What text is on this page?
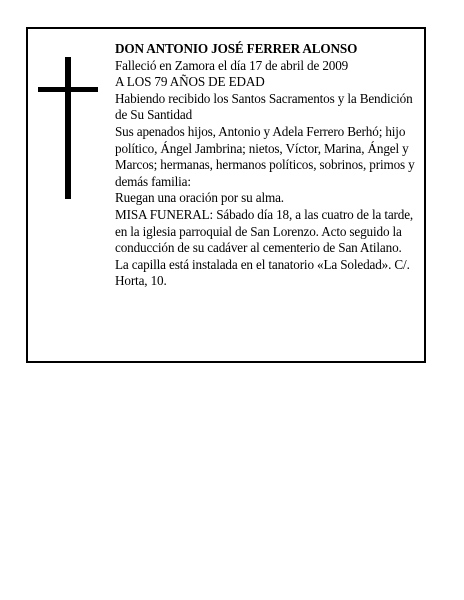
DON ANTONIO JOSÉ FERRER ALONSO

Falleció en Zamora el día 17 de abril de 2009

A LOS 79 AÑOS DE EDAD

Habiendo recibido los Santos Sacramentos y la Bendición de Su Santidad

Sus apenados hijos, Antonio y Adela Ferrero Berhó; hijo político, Ángel Jambrina; nietos, Víctor, Marina, Ángel y Marcos; hermanas, hermanos políticos, sobrinos, primos y demás familia:

Ruegan una oración por su alma.

MISA FUNERAL: Sábado día 18, a las cuatro de la tarde, en la iglesia parroquial de San Lorenzo. Acto seguido la conducción de su cadáver al cementerio de San Atilano.

La capilla está instalada en el tanatorio «La Soledad». C/. Horta, 10.
